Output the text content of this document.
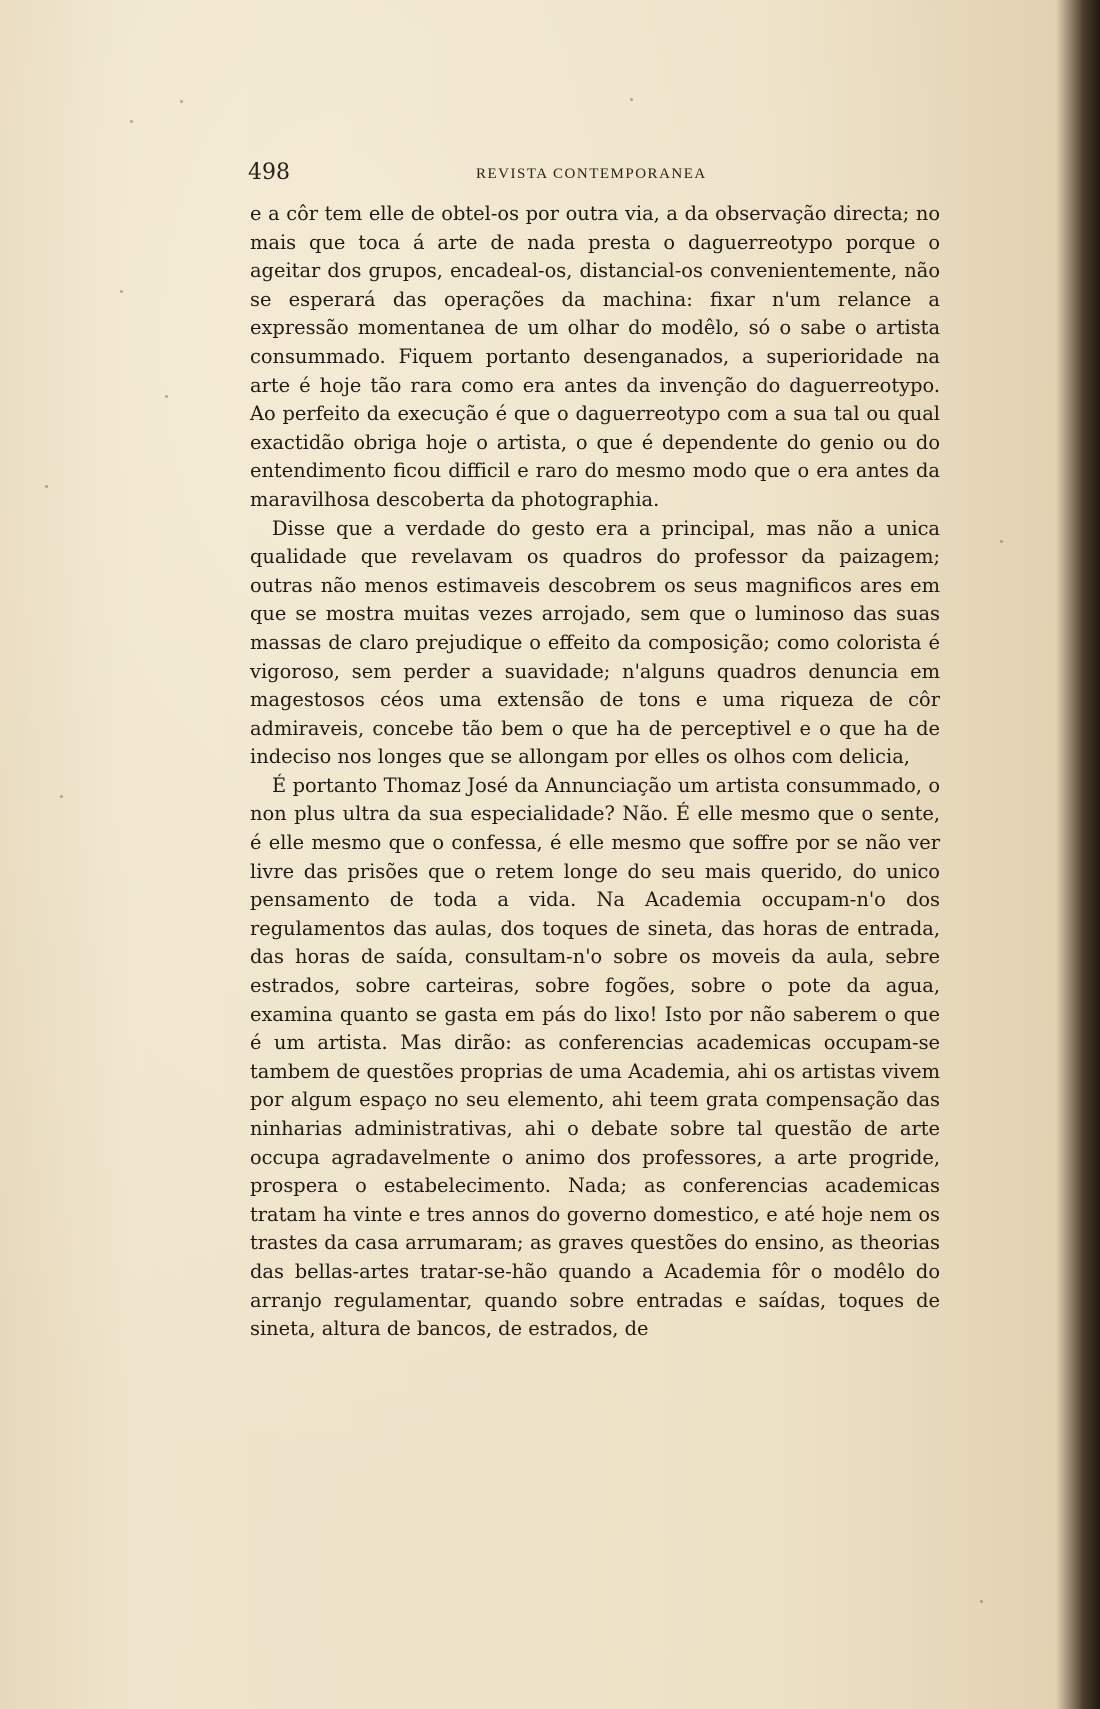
498	REVISTA CONTEMPORANEA

e a côr tem elle de obtel-os por outra via, a da observação directa; no mais que toca á arte de nada presta o daguerreotypo porque o ageitar dos grupos, encadeal-os, distancial-os convenientemente, não se esperará das operações da machina: fixar n'um relance a expressão momentanea de um olhar do modêlo, só o sabe o artista consummado. Fiquem portanto desenganados, a superioridade na arte é hoje tão rara como era antes da invenção do daguerreotypo. Ao perfeito da execução é que o daguerreotypo com a sua tal ou qual exactidão obriga hoje o artista, o que é dependente do genio ou do entendimento ficou difficil e raro do mesmo modo que o era antes da maravilhosa descoberta da photographia.

Disse que a verdade do gesto era a principal, mas não a unica qualidade que revelavam os quadros do professor da paizagem; outras não menos estimaveis descobrem os seus magnificos ares em que se mostra muitas vezes arrojado, sem que o luminoso das suas massas de claro prejudique o effeito da composição; como colorista é vigoroso, sem perder a suavidade; n'alguns quadros denuncia em magestosos céos uma extensão de tons e uma riqueza de côr admiraveis, concebe tão bem o que ha de perceptivel e o que ha de indeciso nos longes que se allongam por elles os olhos com delicia,

É portanto Thomaz José da Annunciação um artista consummado, o non plus ultra da sua especialidade? Não. É elle mesmo que o sente, é elle mesmo que o confessa, é elle mesmo que soffre por se não ver livre das prisões que o retem longe do seu mais querido, do unico pensamento de toda a vida. Na Academia occupam-n'o dos regulamentos das aulas, dos toques de sineta, das horas de entrada, das horas de saída, consultam-n'o sobre os moveis da aula, sebre estrados, sobre carteiras, sobre fogões, sobre o pote da agua, examina quanto se gasta em pás do lixo! Isto por não saberem o que é um artista. Mas dirão: as conferencias academicas occupam-se tambem de questões proprias de uma Academia, ahi os artistas vivem por algum espaço no seu elemento, ahi teem grata compensação das ninharias administrativas, ahi o debate sobre tal questão de arte occupa agradavelmente o animo dos professores, a arte progride, prospera o estabelecimento. Nada; as conferencias academicas tratam ha vinte e tres annos do governo domestico, e até hoje nem os trastes da casa arrumaram; as graves questões do ensino, as theorias das bellas-artes tratar-se-hão quando a Academia fôr o modêlo do arranjo regulamentar, quando sobre entradas e saídas, toques de sineta, altura de bancos, de estrados, de
